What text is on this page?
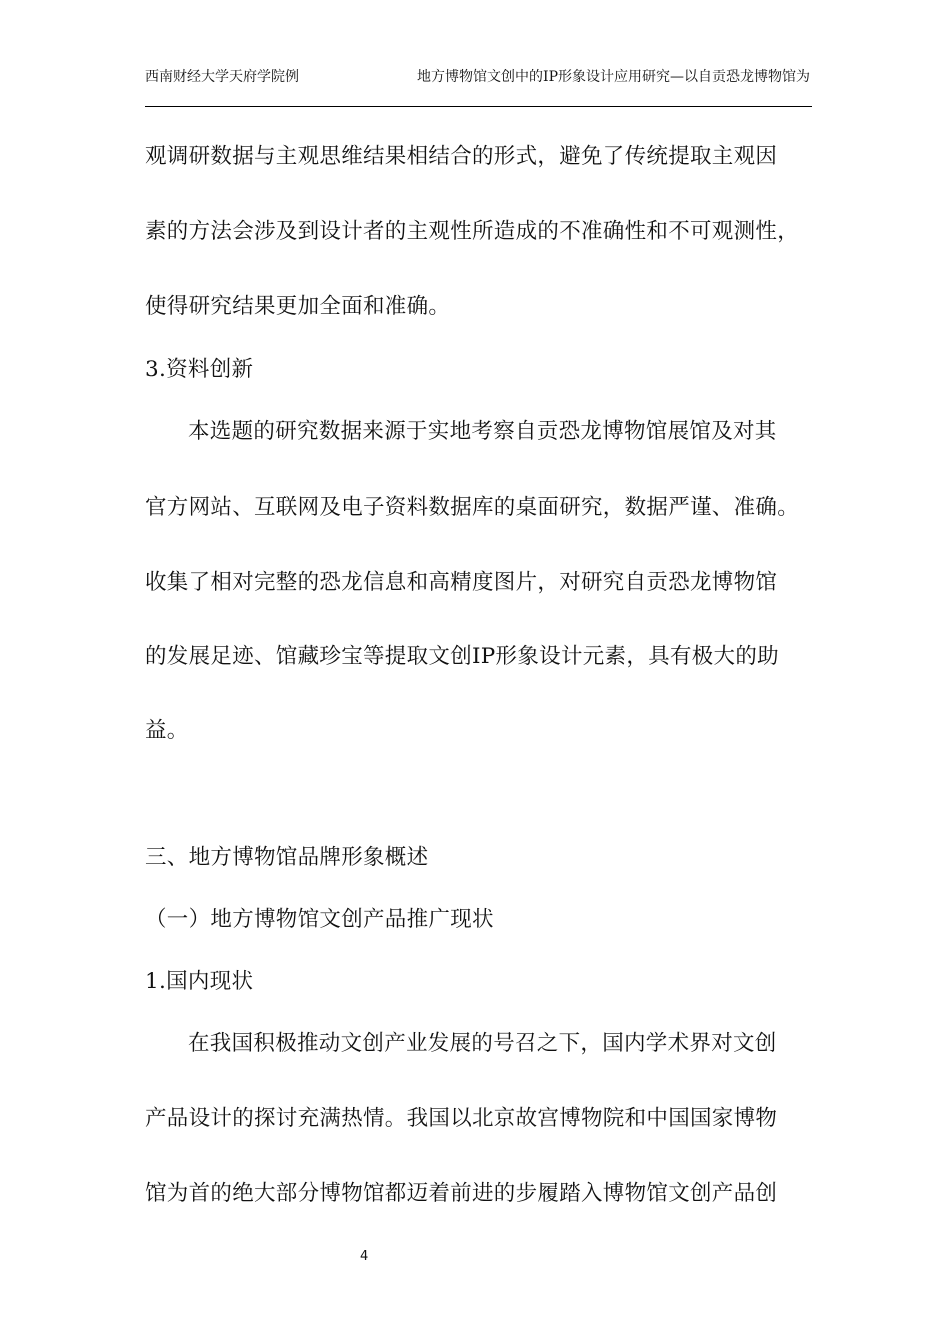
西南财经大学天府学院例	地方博物馆文创中的IP形象设计应用研究—以自贡恐龙博物馆为
观调研数据与主观思维结果相结合的形式，避免了传统提取主观因
素的方法会涉及到设计者的主观性所造成的不准确性和不可观测性，
使得研究结果更加全面和准确。
3.资料创新
本选题的研究数据来源于实地考察自贡恐龙博物馆展馆及对其
官方网站、互联网及电子资料数据库的桌面研究，数据严谨、准确。
收集了相对完整的恐龙信息和高精度图片，对研究自贡恐龙博物馆
的发展足迹、馆藏珍宝等提取文创IP形象设计元素，具有极大的助
益。
三、地方博物馆品牌形象概述
（一）地方博物馆文创产品推广现状
1.国内现状
在我国积极推动文创产业发展的号召之下，国内学术界对文创
产品设计的探讨充满热情。我国以北京故宫博物院和中国国家博物
馆为首的绝大部分博物馆都迈着前进的步履踏入博物馆文创产品创
4
